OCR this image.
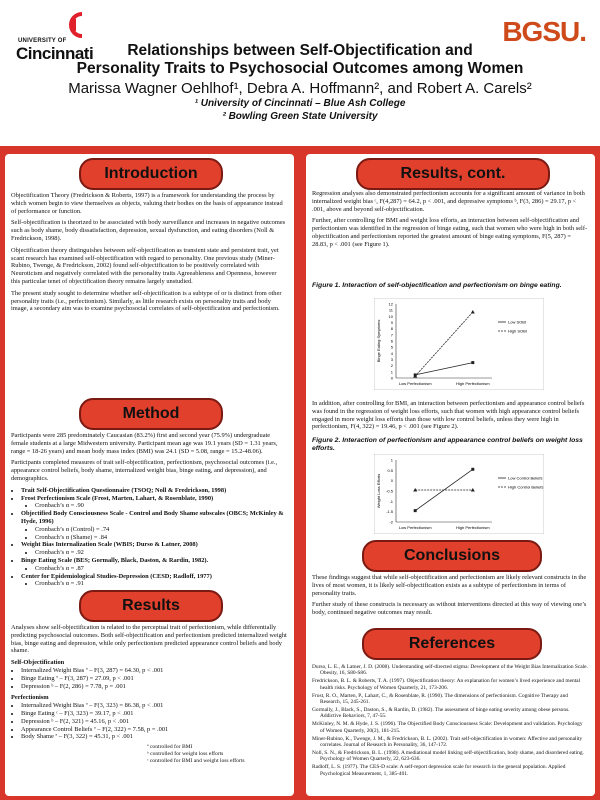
UNIVERSITY OF
Cincinnati
BGSU.
Relationships between Self-Objectification and
Personality Traits to Psychosocial Outcomes among Women
Marissa Wagner Oehlhof¹, Debra A. Hoffmann², and Robert A. Carels²
¹ University of Cincinnati – Blue Ash College
² Bowling Green State University
Introduction

Objectification Theory (Fredrickson & Roberts, 1997) is a framework for understanding the process by which women begin to view themselves as objects, valuing their bodies on the basis of appearance instead of performance or function.

Self-objectification is theorized to be associated with body surveillance and increases in negative outcomes such as body shame, body dissatisfaction, depression, sexual dysfunction, and eating disorders (Noll & Fredrickson, 1998).

Objectification theory distinguishes between self-objectification as transient state and persistent trait, yet scant research has examined self-objectification with regard to personality. One previous study (Miner-Rubino, Twenge, & Fredrickson, 2002) found self-objectification to be positively correlated with Neuroticism and negatively correlated with the personality traits Agreeableness and Openness, however this particular tenet of objectification theory remains largely unstudied.

The present study sought to determine whether self-objectification is a subtype of or is distinct from other personality traits (i.e., perfectionism). Similarly, as little research exists on personality traits and body image, a secondary aim was to examine psychosocial correlates of self-objectification and perfectionism.

Method

Participants were 285 predominately Caucasian (83.2%) first and second year (75.9%) undergraduate female students at a large Midwestern university. Participant mean age was 19.1 years (SD = 1.31 years, range = 18-26 years) and mean body mass index (BMI) was 24.1 (SD = 5.08, range = 15.2-48.06).

Participants completed measures of trait self-objectification, perfectionism, psychosocial outcomes (i.e., appearance control beliefs, body shame, internalized weight bias, binge eating, and depression), and demographics.

• Trait Self-Objectification Questionnaire (TSOQ; Noll & Fredrickson, 1998)
• Frost Perfectionism Scale (Frost, Marten, Lahart, & Rosenblate, 1990)
• Cronbach’s α = .90
• Objectified Body Consciousness Scale - Control and Body Shame subscales (OBCS; McKinley & Hyde, 1996)
• Cronbach’s α (Control) = .74
• Cronbach’s α (Shame) = .84
• Weight Bias Internalization Scale (WBIS; Durso & Latner, 2008)
• Cronbach’s α = .92
• Binge Eating Scale (BES; Gormally, Black, Daston, & Rardin, 1982).
• Cronbach’s α = .87
• Center for Epidemiological Studies-Depression (CESD; Radloff, 1977)
• Cronbach’s α = .91
Results

Analyses show self-objectification is related to the perceptual trait of perfectionism, while differentially predicting psychosocial outcomes. Both self-objectification and perfectionism predicted internalized weight bias, binge eating and depression, while only perfectionism predicted appearance control beliefs and body shame.

Self-Objectification
• Internalized Weight Bias ª – F(3, 287) = 64.30, p < .001
• Binge Eating ª – F(3, 287) = 27.09, p < .001
• Depression ᵇ – F(2, 286) = 7.78, p = .001
Perfectionism
• Internalized Weight Bias ª – F(3, 323) = 86.38, p < .001
• Binge Eating ᶜ – F(3, 323) = 39.17, p < .001
• Depression ᵇ – F(2, 321) = 45.16, p < .001
• Appearance Control Beliefs ª – F(2, 322) = 7.58, p = .001
• Body Shame ª – F(3, 322) = 45.31, p < .001
ª controlled for BMI
ᵇ controlled for weight loss efforts
ᶜ controlled for BMI and weight loss efforts
Results, cont.

Regression analyses also demonstrated perfectionism accounts for a significant amount of variance in both internalized weight bias ᶜ, F(4,287) = 64.2, p < .001, and depressive symptoms ᵇ, F(3, 286) = 29.17, p < .001, above and beyond self-objectification.

Further, after controlling for BMI and weight loss efforts, an interaction between self-objectification and perfectionism was identified in the regression of binge eating, such that women who were high in both self-objectification and perfectionism reported the greatest amount of binge eating symptoms, F(5, 287) = 28.83, p < .001 (see Figure 1).

Figure 1. Interaction of self-objectification and perfectionism on binge eating.
0
1
2
3
4
5
6
7
8
9
10
11
12
Low Perfectionism	High Perfectionism
Binge Eating Symptoms	Low SOBI
High SOBI

In addition, after controlling for BMI, an interaction between perfectionism and appearance control beliefs was found in the regression of weight loss efforts, such that women with high appearance control beliefs engaged in more weight loss efforts than those with low control beliefs, unless they were high in perfectionism, F(4, 322) = 19.46, p < .001 (see Figure 2).

Figure 2. Interaction of perfectionism and appearance control beliefs on weight loss efforts.
1
0.5
0
-0.5
-1
-1.5
-2
Low Perfectionism	High Perfectionism
Weight Loss Efforts	Low Control Beliefs
High Control Beliefs
Conclusions

These findings suggest that while self-objectification and perfectionism are likely relevant constructs in the lives of most women, it is likely self-objectification exists as a subtype of perfectionism in terms of personality traits.

Further study of these constructs is necessary as without interventions directed at this way of viewing one’s body, continued negative outcomes may result.

References
Durso, L. E., & Latner, J. D. (2008). Understanding self-directed stigma: Development of the Weight Bias Internalization Scale. Obesity, 16, S80-S86.
Fredrickson, B. L. & Roberts, T. A. (1997). Objectification theory: An explanation for women’s lived experience and mental health risks. Psychology of Women Quarterly, 21, 173-206.
Frost, R. O., Marten, P., Lahart, C., & Rosenblate, R. (1990). The dimensions of perfectionism. Cognitive Therapy and Research, 15, 245-261.
Gormally, J., Black, S., Daston, S., & Rardin, D. (1982). The assessment of binge eating severity among obese persons. Addictive Behaviors, 7, 47-55.
McKinley, N. M. & Hyde, J. S. (1996). The Objectified Body Consciousness Scale: Development and validation. Psychology of Women Quarterly, 20(2), 181-215.
Miner-Rubino, K., Twenge, J. M., & Fredrickson, B. L. (2002). Trait self-objectification in women: Affective and personality correlates. Journal of Research in Personality, 36, 147-172.
Noll, S. N., & Fredrickson, B. L. (1998). A mediational model linking self-objectification, body shame, and disordered eating. Psychology of Women Quarterly, 22, 623-636.
Radloff, L. S. (1977). The CES-D scale: A self-report depression scale for research in the general population. Applied Psychological Measurement, 1, 385-401.
